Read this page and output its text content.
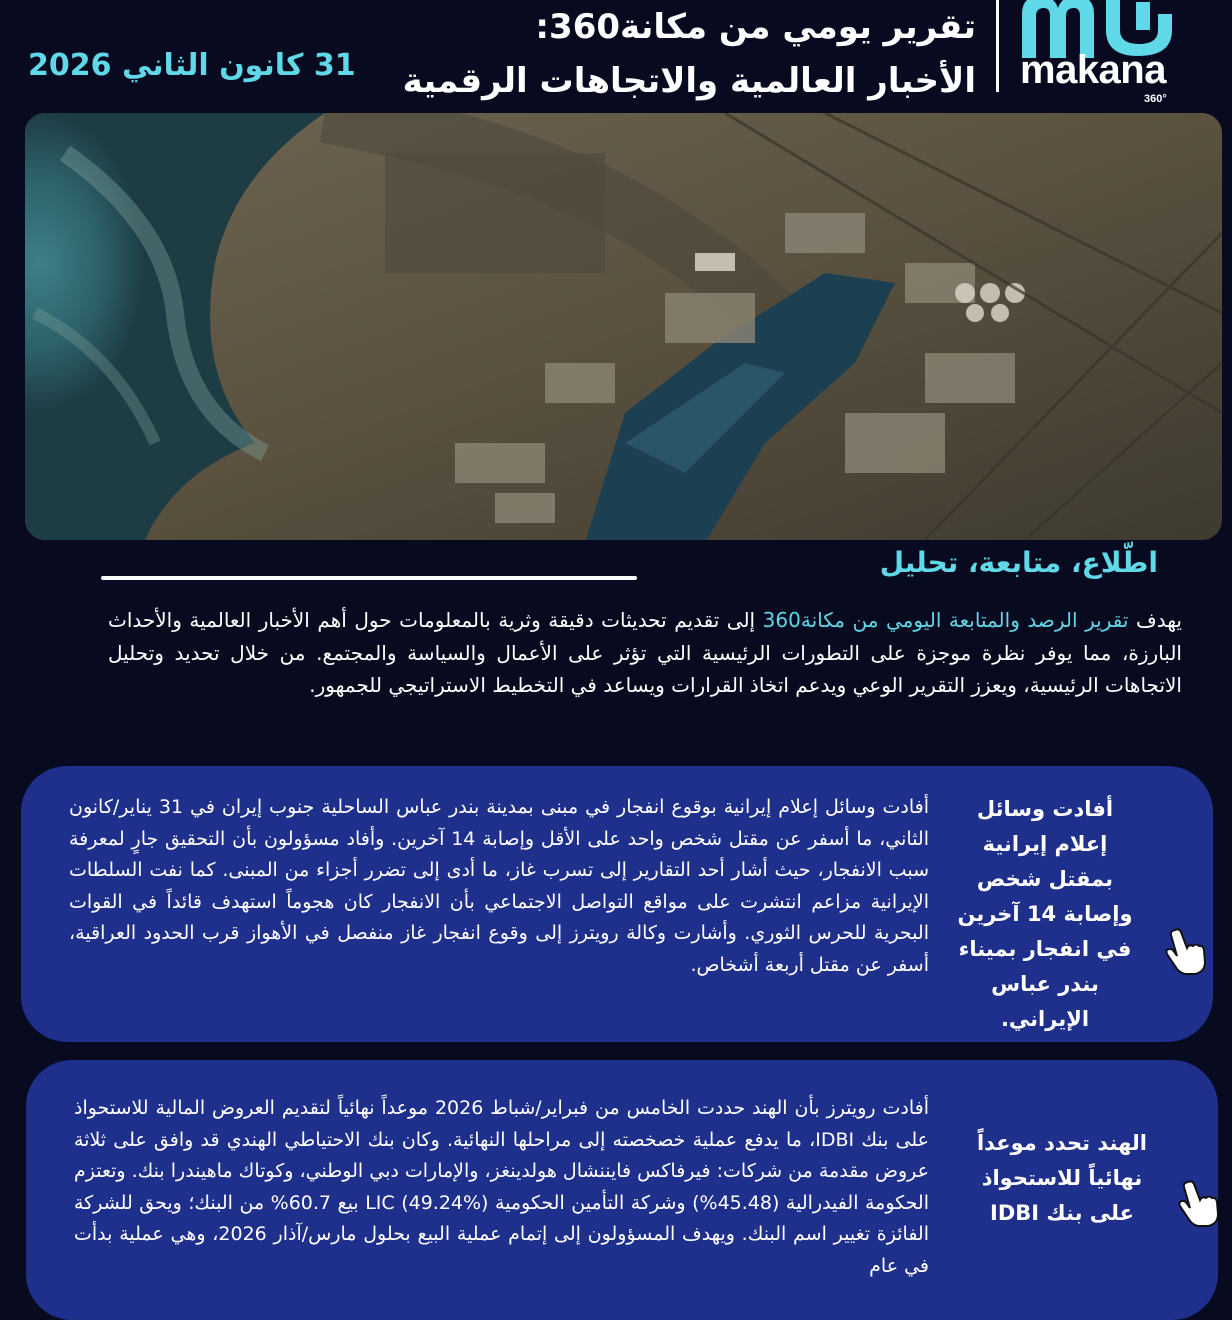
makana
360°
تقرير يومي من مكانة360:
الأخبار العالمية والاتجاهات الرقمية
31 كانون الثاني 2026
اطّلاع، متابعة، تحليل
يهدف تقرير الرصد والمتابعة اليومي من مكانة360 إلى تقديم تحديثات دقيقة وثرية بالمعلومات حول أهم الأخبار العالمية والأحداث البارزة، مما يوفر نظرة موجزة على التطورات الرئيسية التي تؤثر على الأعمال والسياسة والمجتمع. من خلال تحديد وتحليل الاتجاهات الرئيسية، ويعزز التقرير الوعي ويدعم اتخاذ القرارات ويساعد في التخطيط الاستراتيجي للجمهور.
أفادت وسائل إعلام إيرانية بمقتل شخص وإصابة 14 آخرين في انفجار بميناء بندر عباس الإيراني.
أفادت وسائل إعلام إيرانية بوقوع انفجار في مبنى بمدينة بندر عباس الساحلية جنوب إيران في 31 يناير/كانون الثاني، ما أسفر عن مقتل شخص واحد على الأقل وإصابة 14 آخرين. وأفاد مسؤولون بأن التحقيق جارٍ لمعرفة سبب الانفجار، حيث أشار أحد التقارير إلى تسرب غاز، ما أدى إلى تضرر أجزاء من المبنى. كما نفت السلطات الإيرانية مزاعم انتشرت على مواقع التواصل الاجتماعي بأن الانفجار كان هجوماً استهدف قائداً في القوات البحرية للحرس الثوري. وأشارت وكالة رويترز إلى وقوع انفجار غاز منفصل في الأهواز قرب الحدود العراقية، أسفر عن مقتل أربعة أشخاص.
الهند تحدد موعداً نهائياً للاستحواذ على بنك IDBI
أفادت رويترز بأن الهند حددت الخامس من فبراير/شباط 2026 موعداً نهائياً لتقديم العروض المالية للاستحواذ على بنك IDBI، ما يدفع عملية خصخصته إلى مراحلها النهائية. وكان بنك الاحتياطي الهندي قد وافق على ثلاثة عروض مقدمة من شركات: فيرفاكس فايننشال هولدينغز، والإمارات دبي الوطني، وكوتاك ماهيندرا بنك. وتعتزم الحكومة الفيدرالية (45.48%) وشركة التأمين الحكومية LIC (49.24%) بيع 60.7% من البنك؛ ويحق للشركة الفائزة تغيير اسم البنك. ويهدف المسؤولون إلى إتمام عملية البيع بحلول مارس/آذار 2026، وهي عملية بدأت في عام
